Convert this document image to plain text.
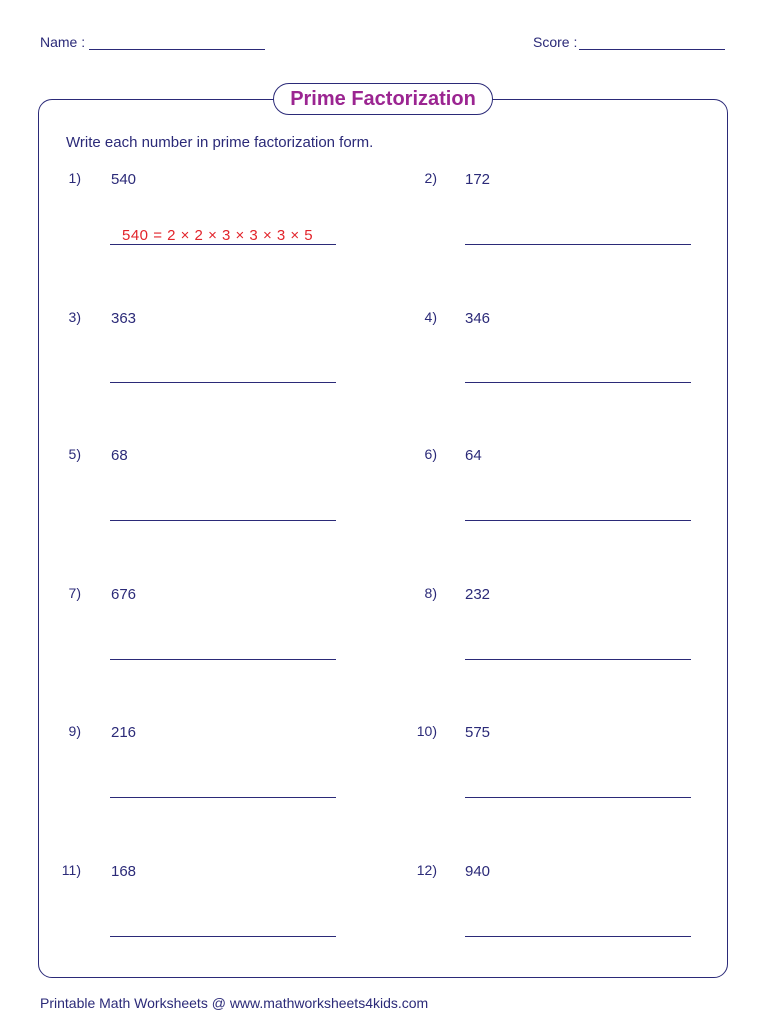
Name :	Score :
Prime Factorization
Write each number in prime factorization form.
1) 540
540 = 2 × 2 × 3 × 3 × 3 × 5
2) 172
3) 363	4) 346
5) 68	6) 64
7) 676	8) 232
9) 216	10) 575
11) 168	12) 940
Printable Math Worksheets @ www.mathworksheets4kids.com
